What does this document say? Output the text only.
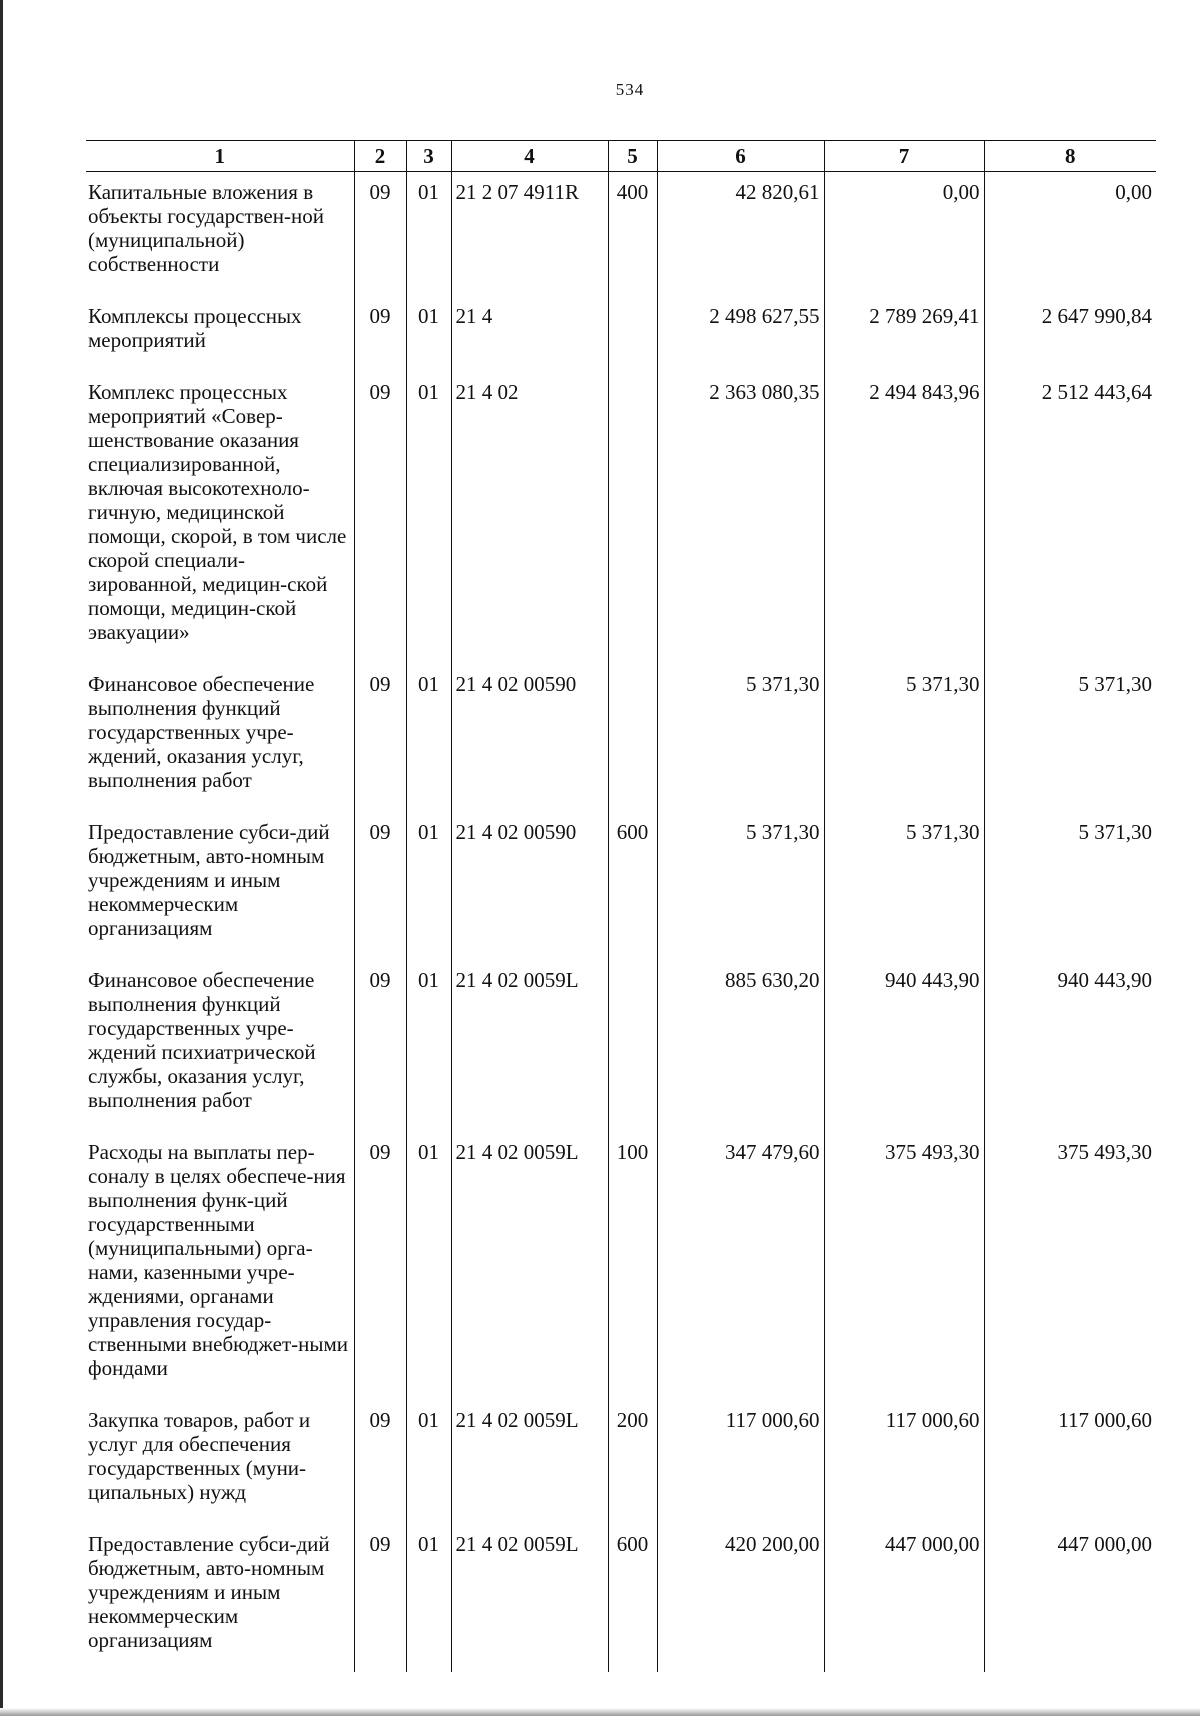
534
1	2	3	4	5	6	7	8
Капитальные вложения в объекты государствен-ной (муниципальной) собственности	09	01	21 2 07 4911R	400	42 820,61	0,00	0,00
Комплексы процессных мероприятий	09	01	21 4		2 498 627,55	2 789 269,41	2 647 990,84
Комплекс процессных мероприятий «Совер-шенствование оказания специализированной, включая высокотехноло-гичную, медицинской помощи, скорой, в том числе скорой специали-зированной, медицин-ской помощи, медицин-ской эвакуации»	09	01	21 4 02		2 363 080,35	2 494 843,96	2 512 443,64
Финансовое обеспечение выполнения функций государственных учре-ждений, оказания услуг, выполнения работ	09	01	21 4 02 00590		5 371,30	5 371,30	5 371,30
Предоставление субси-дий бюджетным, авто-номным учреждениям и иным некоммерческим организациям	09	01	21 4 02 00590	600	5 371,30	5 371,30	5 371,30
Финансовое обеспечение выполнения функций государственных учре-ждений психиатрической службы, оказания услуг, выполнения работ	09	01	21 4 02 0059L		885 630,20	940 443,90	940 443,90
Расходы на выплаты пер-соналу в целях обеспече-ния выполнения функ-ций государственными (муниципальными) орга-нами, казенными учре-ждениями, органами управления государ-ственными внебюджет-ными фондами	09	01	21 4 02 0059L	100	347 479,60	375 493,30	375 493,30
Закупка товаров, работ и услуг для обеспечения государственных (муни-ципальных) нужд	09	01	21 4 02 0059L	200	117 000,60	117 000,60	117 000,60
Предоставление субси-дий бюджетным, авто-номным учреждениям и иным некоммерческим организациям	09	01	21 4 02 0059L	600	420 200,00	447 000,00	447 000,00
